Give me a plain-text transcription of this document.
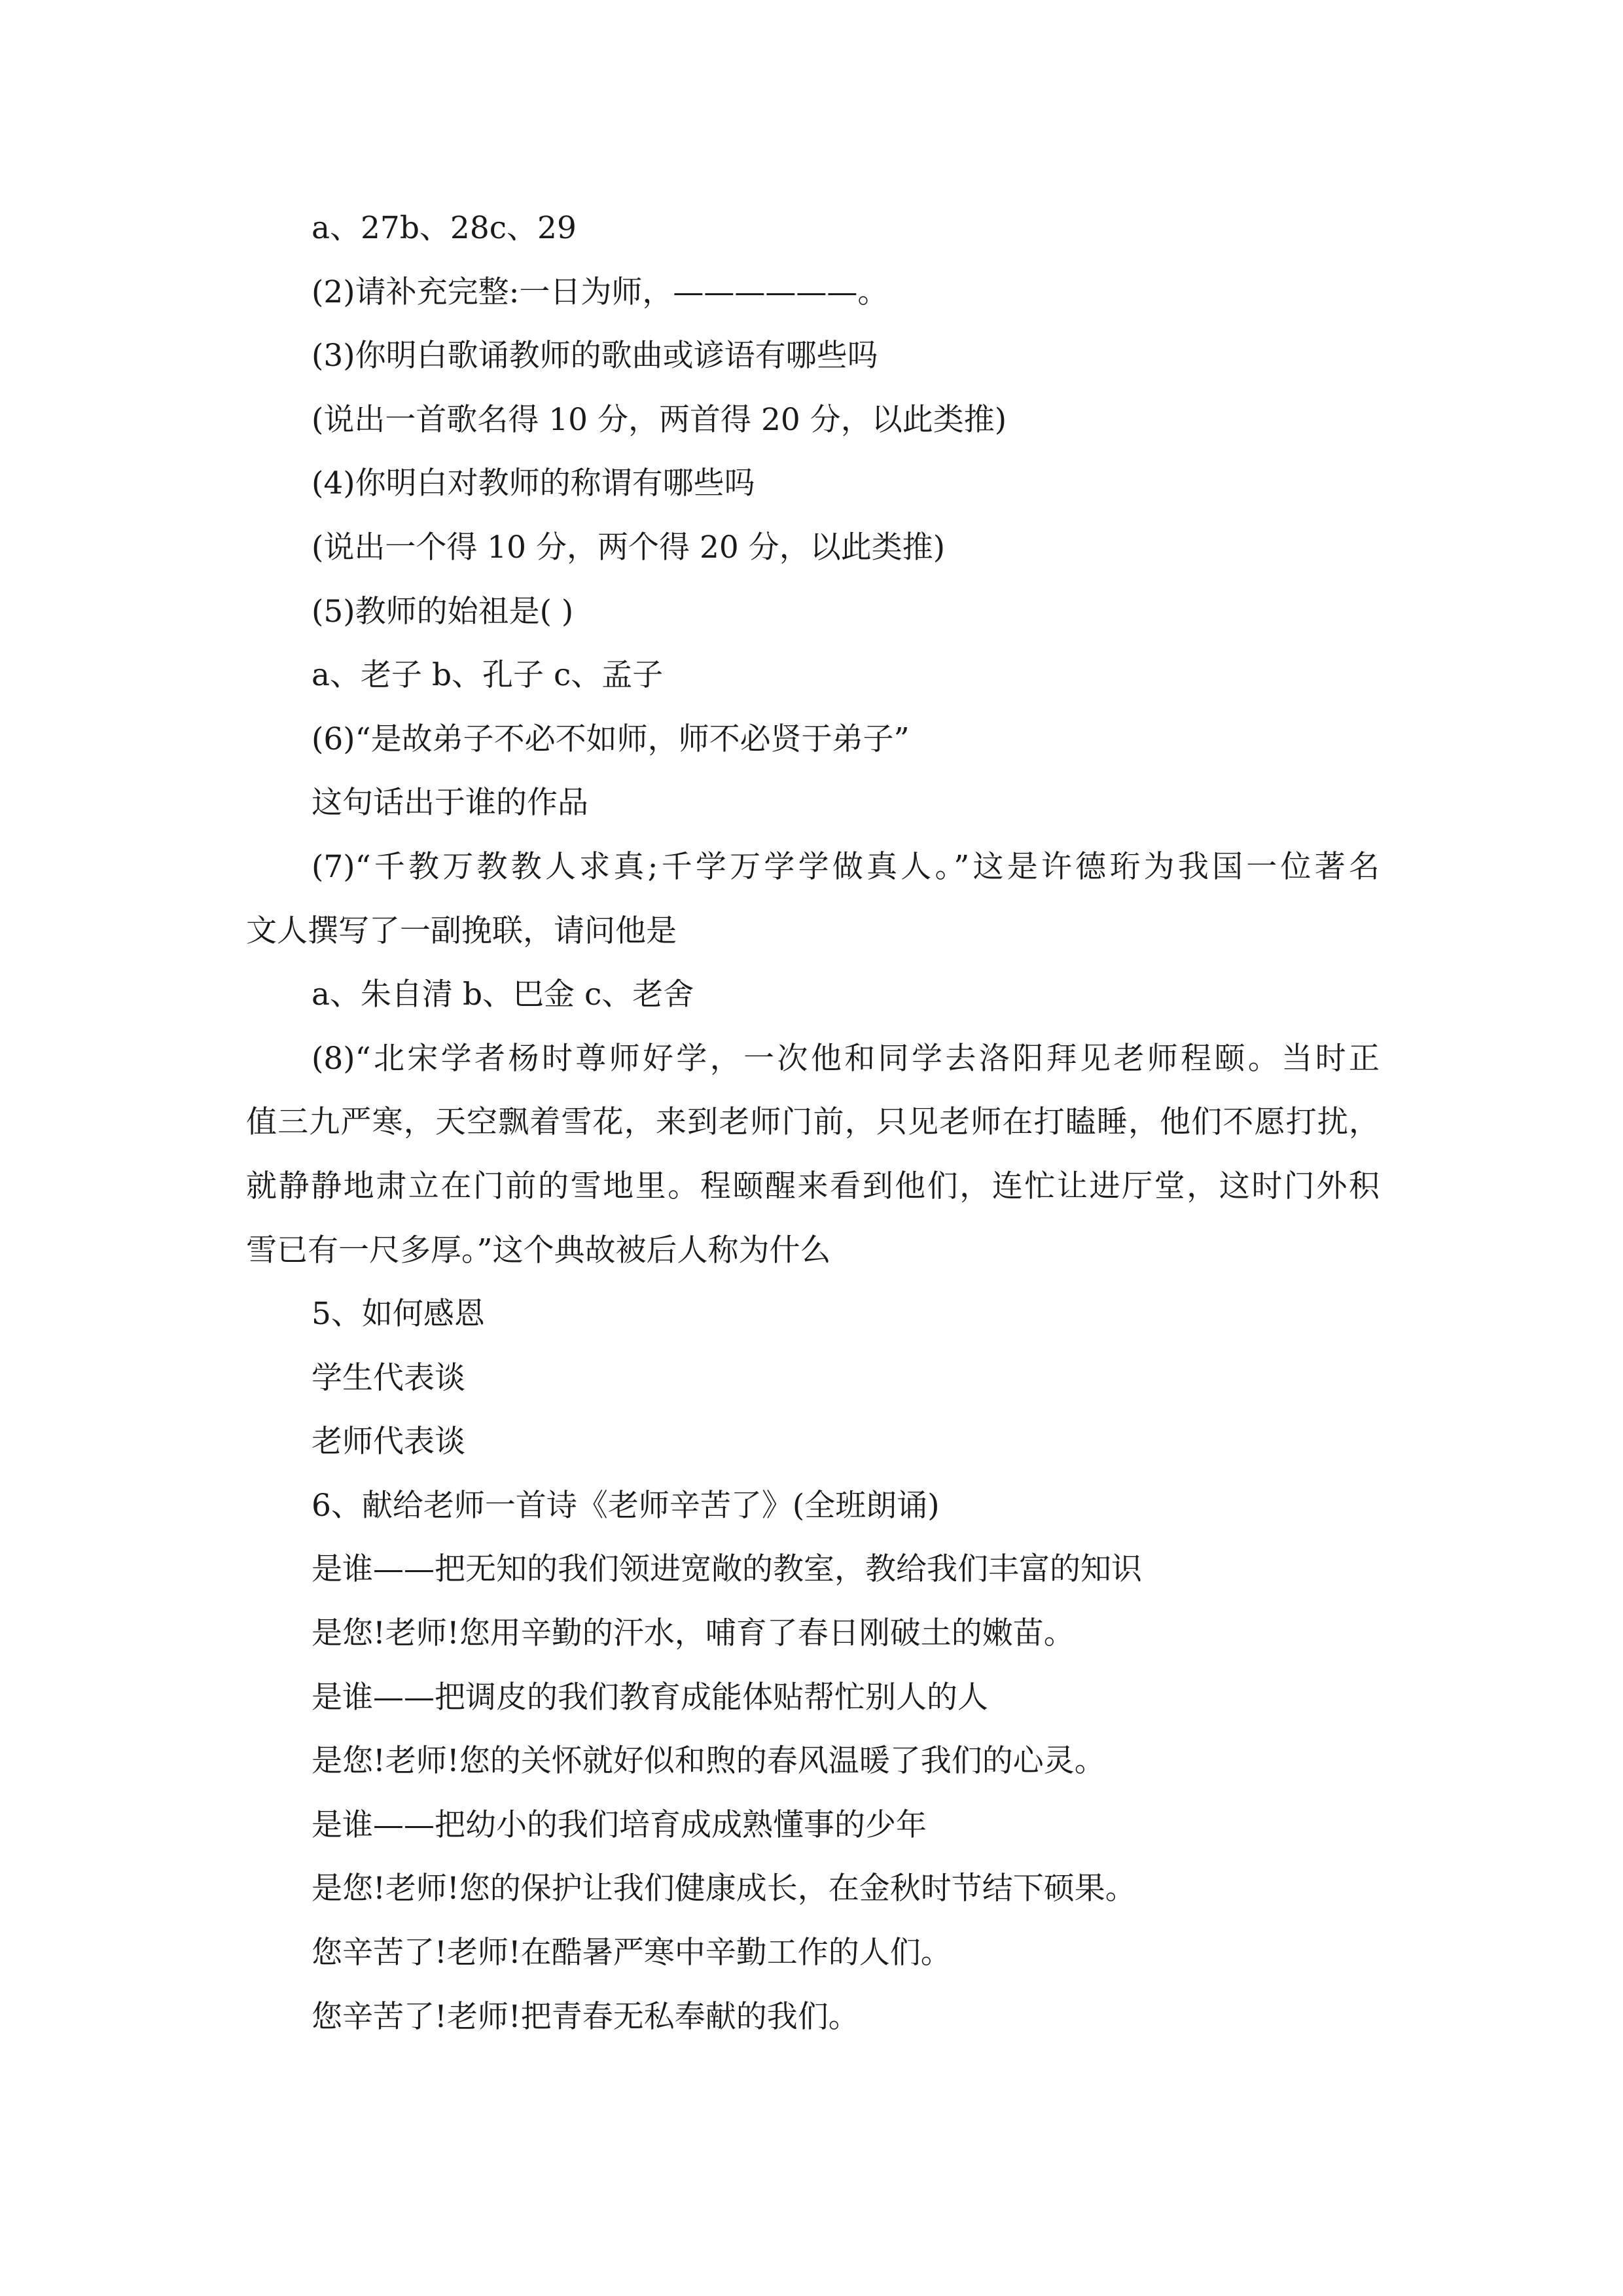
a、27b、28c、29
(2)请补充完整:一日为师，——————。
(3)你明白歌诵教师的歌曲或谚语有哪些吗
(说出一首歌名得 10 分，两首得 20 分，以此类推)
(4)你明白对教师的称谓有哪些吗
(说出一个得 10 分，两个得 20 分，以此类推)
(5)教师的始祖是( )
a、老子 b、孔子 c、孟子
(6)“是故弟子不必不如师，师不必贤于弟子”
这句话出于谁的作品
(7)“千教万教教人求真;千学万学学做真人。”这是许德珩为我国一位著名
文人撰写了一副挽联，请问他是
a、朱自清 b、巴金 c、老舍
(8)“北宋学者杨时尊师好学，一次他和同学去洛阳拜见老师程颐。当时正
值三九严寒，天空飘着雪花，来到老师门前，只见老师在打瞌睡，他们不愿打扰，
就静静地肃立在门前的雪地里。程颐醒来看到他们，连忙让进厅堂，这时门外积
雪已有一尺多厚。”这个典故被后人称为什么
5、如何感恩
学生代表谈
老师代表谈
6、献给老师一首诗《老师辛苦了》(全班朗诵)
是谁——把无知的我们领进宽敞的教室，教给我们丰富的知识
是您!老师!您用辛勤的汗水，哺育了春日刚破土的嫩苗。
是谁——把调皮的我们教育成能体贴帮忙别人的人
是您!老师!您的关怀就好似和煦的春风温暖了我们的心灵。
是谁——把幼小的我们培育成成熟懂事的少年
是您!老师!您的保护让我们健康成长，在金秋时节结下硕果。
您辛苦了!老师!在酷暑严寒中辛勤工作的人们。
您辛苦了!老师!把青春无私奉献的我们。
